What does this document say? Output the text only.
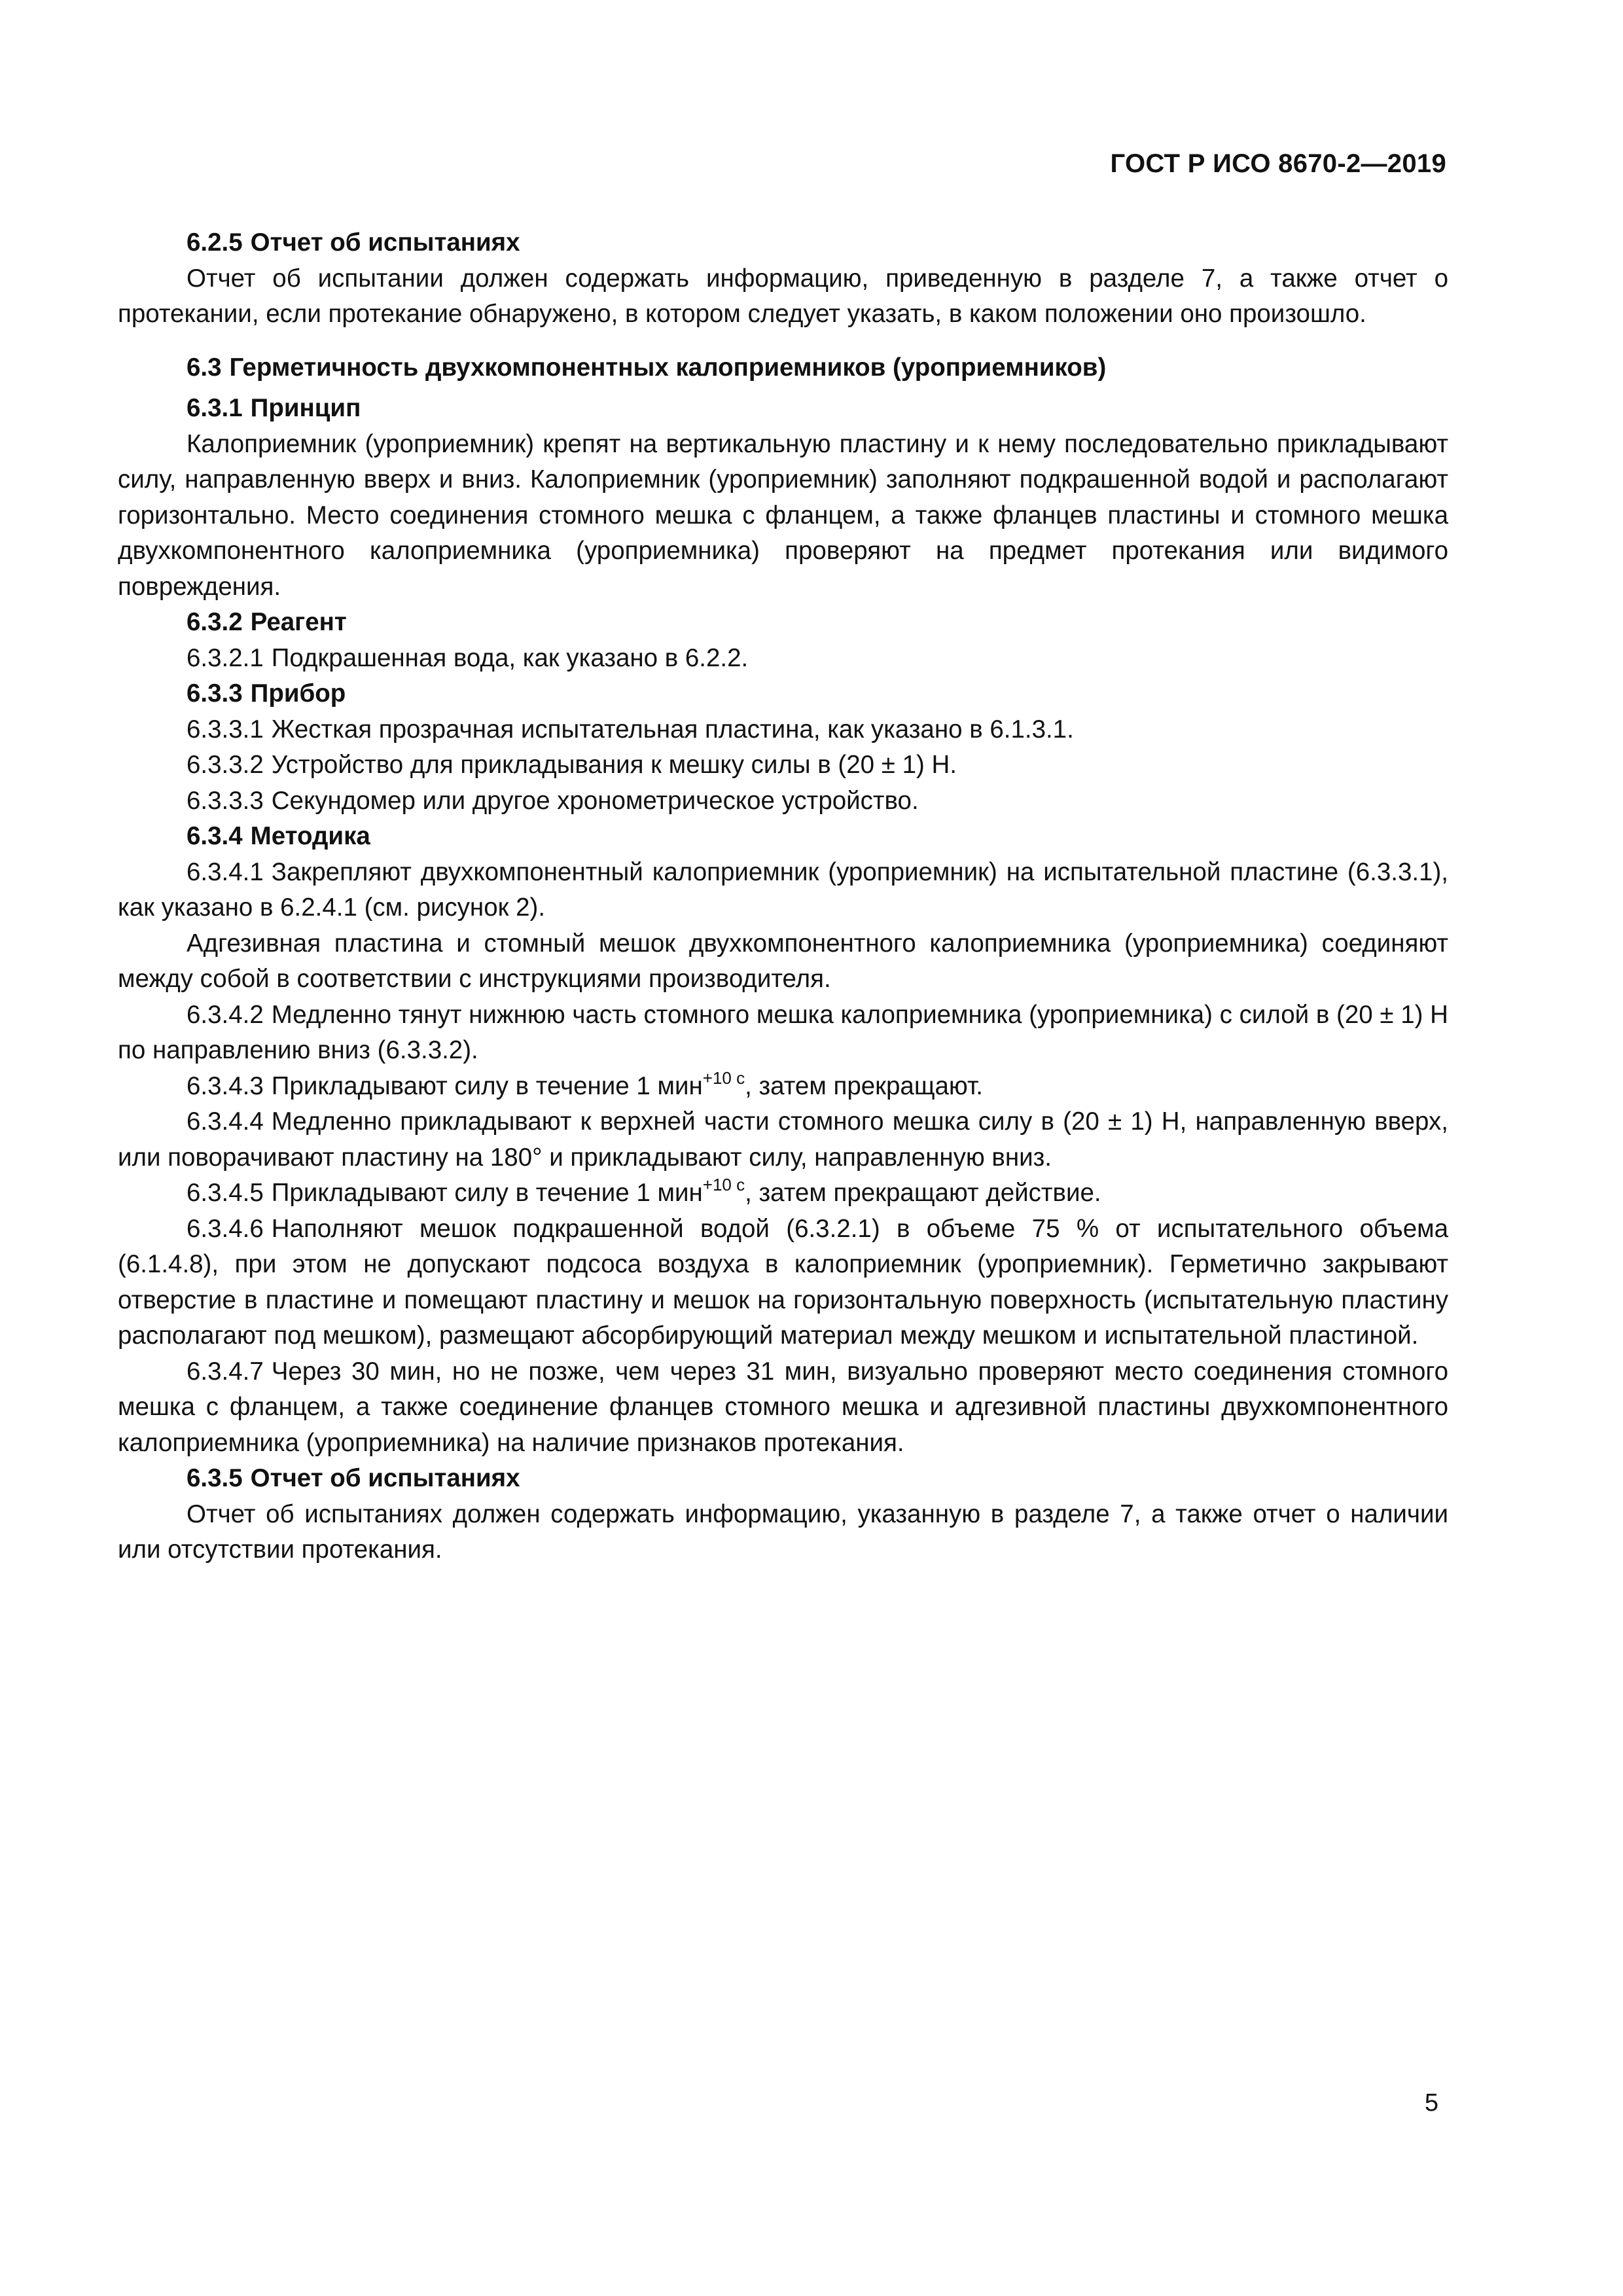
ГОСТ Р ИСО 8670-2—2019

6.2.5 Отчет об испытаниях

Отчет об испытании должен содержать информацию, приведенную в разделе 7, а также отчет о протекании, если протекание обнаружено, в котором следует указать, в каком положении оно произошло.

6.3 Герметичность двухкомпонентных калоприемников (уроприемников)

6.3.1 Принцип

Калоприемник (уроприемник) крепят на вертикальную пластину и к нему последовательно прикладывают силу, направленную вверх и вниз. Калоприемник (уроприемник) заполняют подкрашенной водой и располагают горизонтально. Место соединения стомного мешка с фланцем, а также фланцев пластины и стомного мешка двухкомпонентного калоприемника (уроприемника) проверяют на предмет протекания или видимого повреждения.

6.3.2 Реагент

6.3.2.1 Подкрашенная вода, как указано в 6.2.2.

6.3.3 Прибор

6.3.3.1 Жесткая прозрачная испытательная пластина, как указано в 6.1.3.1.

6.3.3.2 Устройство для прикладывания к мешку силы в (20 ± 1) Н.

6.3.3.3 Секундомер или другое хронометрическое устройство.

6.3.4 Методика

6.3.4.1 Закрепляют двухкомпонентный калоприемник (уроприемник) на испытательной пластине (6.3.3.1), как указано в 6.2.4.1 (см. рисунок 2).

Адгезивная пластина и стомный мешок двухкомпонентного калоприемника (уроприемника) соединяют между собой в соответствии с инструкциями производителя.

6.3.4.2 Медленно тянут нижнюю часть стомного мешка калоприемника (уроприемника) с силой в (20 ± 1) Н по направлению вниз (6.3.3.2).

6.3.4.3 Прикладывают силу в течение 1 мин$^{+10 с}$, затем прекращают.

6.3.4.4 Медленно прикладывают к верхней части стомного мешка силу в (20 ± 1) Н, направленную вверх, или поворачивают пластину на 180° и прикладывают силу, направленную вниз.

6.3.4.5 Прикладывают силу в течение 1 мин$^{+10 с}$, затем прекращают действие.

6.3.4.6 Наполняют мешок подкрашенной водой (6.3.2.1) в объеме 75 % от испытательного объема (6.1.4.8), при этом не допускают подсоса воздуха в калоприемник (уроприемник). Герметично закрывают отверстие в пластине и помещают пластину и мешок на горизонтальную поверхность (испытательную пластину располагают под мешком), размещают абсорбирующий материал между мешком и испытательной пластиной.

6.3.4.7 Через 30 мин, но не позже, чем через 31 мин, визуально проверяют место соединения стомного мешка с фланцем, а также соединение фланцев стомного мешка и адгезивной пластины двухкомпонентного калоприемника (уроприемника) на наличие признаков протекания.

6.3.5 Отчет об испытаниях

Отчет об испытаниях должен содержать информацию, указанную в разделе 7, а также отчет о наличии или отсутствии протекания.

5
